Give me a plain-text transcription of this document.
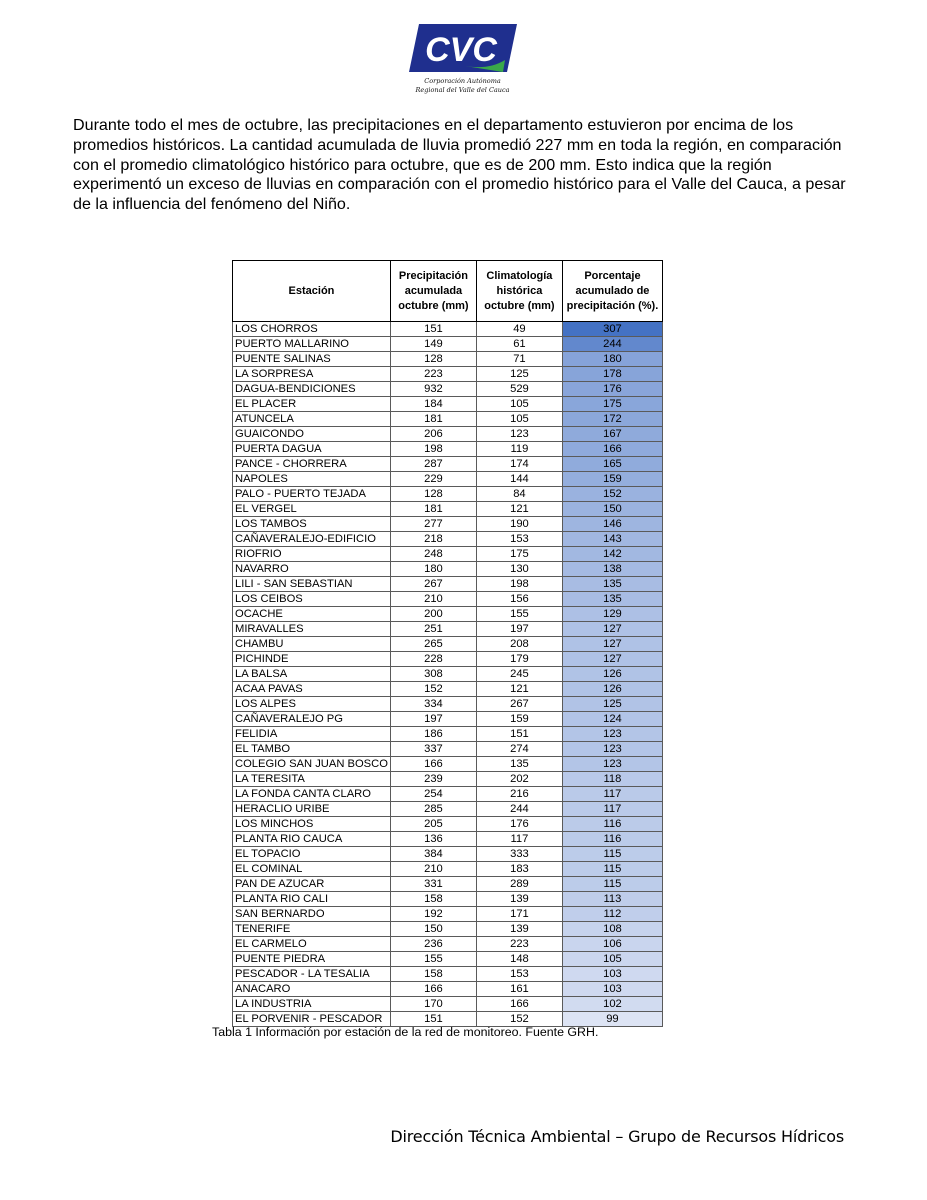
CVC
Corporación Autónoma
Regional del Valle del Cauca

Durante todo el mes de octubre, las precipitaciones en el departamento estuvieron por encima de los promedios históricos. La cantidad acumulada de lluvia promedió 227 mm en toda la región, en comparación con el promedio climatológico histórico para octubre, que es de 200 mm. Esto indica que la región experimentó un exceso de lluvias en comparación con el promedio histórico para el Valle del Cauca, a pesar de la influencia del fenómeno del Niño.

Estación	Precipitación acumulada octubre (mm)	Climatología histórica octubre (mm)	Porcentaje acumulado de precipitación (%).
LOS CHORROS	151	49	307
PUERTO MALLARINO	149	61	244
PUENTE SALINAS	128	71	180
LA SORPRESA	223	125	178
DAGUA-BENDICIONES	932	529	176
EL PLACER	184	105	175
ATUNCELA	181	105	172
GUAICONDO	206	123	167
PUERTA DAGUA	198	119	166
PANCE - CHORRERA	287	174	165
NAPOLES	229	144	159
PALO - PUERTO TEJADA	128	84	152
EL VERGEL	181	121	150
LOS TAMBOS	277	190	146
CAÑAVERALEJO-EDIFICIO	218	153	143
RIOFRIO	248	175	142
NAVARRO	180	130	138
LILI - SAN SEBASTIAN	267	198	135
LOS CEIBOS	210	156	135
OCACHE	200	155	129
MIRAVALLES	251	197	127
CHAMBU	265	208	127
PICHINDE	228	179	127
LA BALSA	308	245	126
ACAA PAVAS	152	121	126
LOS ALPES	334	267	125
CAÑAVERALEJO PG	197	159	124
FELIDIA	186	151	123
EL TAMBO	337	274	123
COLEGIO SAN JUAN BOSCO	166	135	123
LA TERESITA	239	202	118
LA FONDA CANTA CLARO	254	216	117
HERACLIO URIBE	285	244	117
LOS MINCHOS	205	176	116
PLANTA RIO CAUCA	136	117	116
EL TOPACIO	384	333	115
EL COMINAL	210	183	115
PAN DE AZUCAR	331	289	115
PLANTA RIO CALI	158	139	113
SAN BERNARDO	192	171	112
TENERIFE	150	139	108
EL CARMELO	236	223	106
PUENTE PIEDRA	155	148	105
PESCADOR - LA TESALIA	158	153	103
ANACARO	166	161	103
LA INDUSTRIA	170	166	102
EL PORVENIR - PESCADOR	151	152	99

Tabla 1 Información por estación de la red de monitoreo. Fuente GRH.

Dirección Técnica Ambiental – Grupo de Recursos Hídricos
